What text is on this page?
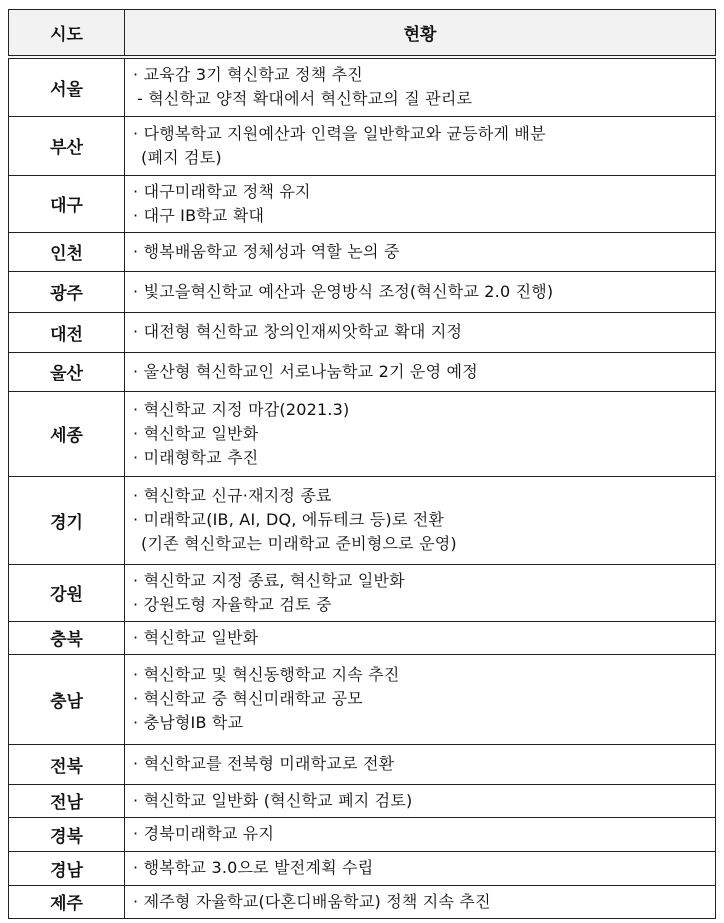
시도	현황
서울	· 교육감 3기 혁신학교 정책 추진
- 혁신학교 양적 확대에서 혁신학교의 질 관리로

부산	· 다행복학교 지원예산과 인력을 일반학교와 균등하게 배분
(폐지 검토)

대구	· 대구미래학교 정책 유지
· 대구 IB학교 확대

인천	· 행복배움학교 정체성과 역할 논의 중

광주	· 빛고을혁신학교 예산과 운영방식 조정(혁신학교 2.0 진행)

대전	· 대전형 혁신학교 창의인재씨앗학교 확대 지정

울산	· 울산형 혁신학교인 서로나눔학교 2기 운영 예정

세종	· 혁신학교 지정 마감(2021.3)
· 혁신학교 일반화
· 미래형학교 추진

경기	· 혁신학교 신규·재지정 종료
· 미래학교(IB, AI, DQ, 에듀테크 등)로 전환
(기존 혁신학교는 미래학교 준비형으로 운영)

강원	· 혁신학교 지정 종료, 혁신학교 일반화
· 강원도형 자율학교 검토 중

충북	· 혁신학교 일반화

충남	· 혁신학교 및 혁신동행학교 지속 추진
· 혁신학교 중 혁신미래학교 공모
· 충남형IB 학교

전북	· 혁신학교를 전북형 미래학교로 전환

전남	· 혁신학교 일반화 (혁신학교 폐지 검토)

경북	· 경북미래학교 유지

경남	· 행복학교 3.0으로 발전계획 수립

제주	· 제주형 자율학교(다혼디배움학교) 정책 지속 추진
